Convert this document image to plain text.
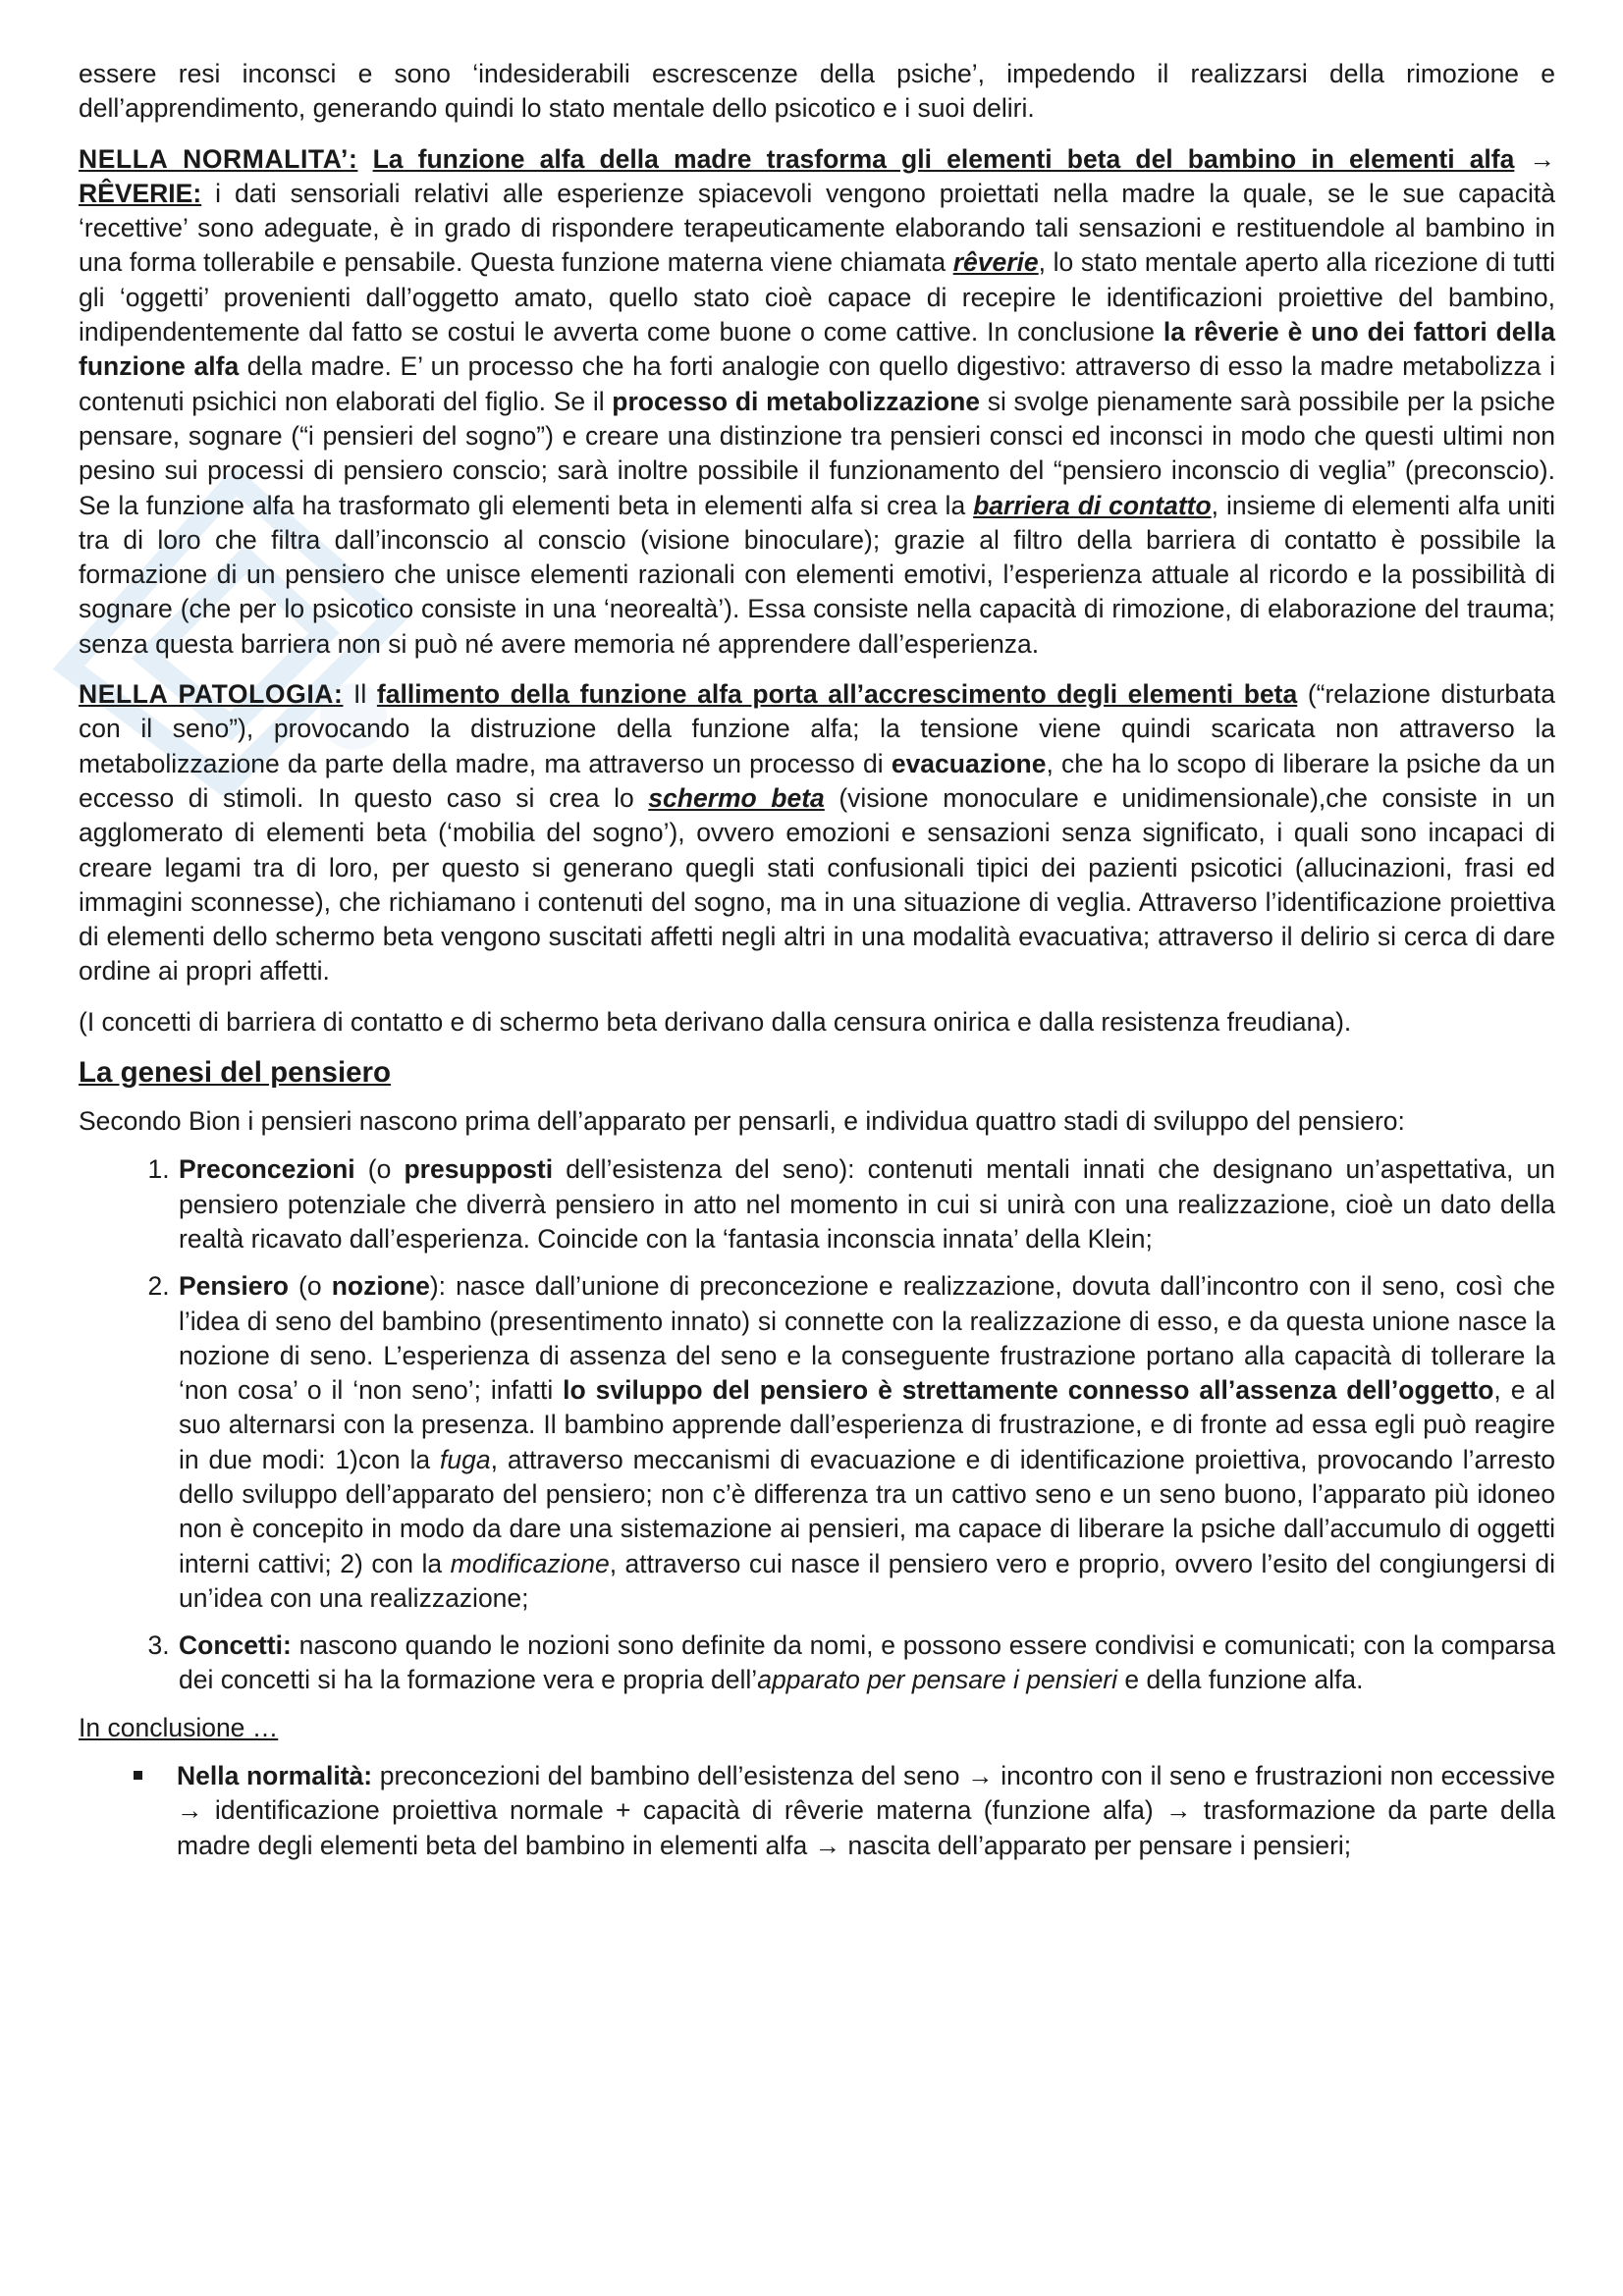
essere resi inconsci e sono ‘indesiderabili escrescenze della psiche’, impedendo il realizzarsi della rimozione e dell’apprendimento, generando quindi lo stato mentale dello psicotico e i suoi deliri.

NELLA NORMALITA’: La funzione alfa della madre trasforma gli elementi beta del bambino in elementi alfa → RÊVERIE: i dati sensoriali relativi alle esperienze spiacevoli vengono proiettati nella madre la quale, se le sue capacità ‘recettive’ sono adeguate, è in grado di rispondere terapeuticamente elaborando tali sensazioni e restituendole al bambino in una forma tollerabile e pensabile. Questa funzione materna viene chiamata rêverie, lo stato mentale aperto alla ricezione di tutti gli ‘oggetti’ provenienti dall’oggetto amato, quello stato cioè capace di recepire le identificazioni proiettive del bambino, indipendentemente dal fatto se costui le avverta come buone o come cattive. In conclusione la rêverie è uno dei fattori della funzione alfa della madre. E’ un processo che ha forti analogie con quello digestivo: attraverso di esso la madre metabolizza i contenuti psichici non elaborati del figlio. Se il processo di metabolizzazione si svolge pienamente sarà possibile per la psiche pensare, sognare (“i pensieri del sogno”) e creare una distinzione tra pensieri consci ed inconsci in modo che questi ultimi non pesino sui processi di pensiero conscio; sarà inoltre possibile il funzionamento del “pensiero inconscio di veglia” (preconscio). Se la funzione alfa ha trasformato gli elementi beta in elementi alfa si crea la barriera di contatto, insieme di elementi alfa uniti tra di loro che filtra dall’inconscio al conscio (visione binoculare); grazie al filtro della barriera di contatto è possibile la formazione di un pensiero che unisce elementi razionali con elementi emotivi, l’esperienza attuale al ricordo e la possibilità di sognare (che per lo psicotico consiste in una ‘neorealtà’). Essa consiste nella capacità di rimozione, di elaborazione del trauma; senza questa barriera non si può né avere memoria né apprendere dall’esperienza.

NELLA PATOLOGIA: Il fallimento della funzione alfa porta all’accrescimento degli elementi beta (“relazione disturbata con il seno”), provocando la distruzione della funzione alfa; la tensione viene quindi scaricata non attraverso la metabolizzazione da parte della madre, ma attraverso un processo di evacuazione, che ha lo scopo di liberare la psiche da un eccesso di stimoli. In questo caso si crea lo schermo beta (visione monoculare e unidimensionale),che consiste in un agglomerato di elementi beta (‘mobilia del sogno’), ovvero emozioni e sensazioni senza significato, i quali sono incapaci di creare legami tra di loro, per questo si generano quegli stati confusionali tipici dei pazienti psicotici (allucinazioni, frasi ed immagini sconnesse), che richiamano i contenuti del sogno, ma in una situazione di veglia. Attraverso l’identificazione proiettiva di elementi dello schermo beta vengono suscitati affetti negli altri in una modalità evacuativa; attraverso il delirio si cerca di dare ordine ai propri affetti.

(I concetti di barriera di contatto e di schermo beta derivano dalla censura onirica e dalla resistenza freudiana).

La genesi del pensiero

Secondo Bion i pensieri nascono prima dell’apparato per pensarli, e individua quattro stadi di sviluppo del pensiero:

1. Preconcezioni (o presupposti dell’esistenza del seno): contenuti mentali innati che designano un’aspettativa, un pensiero potenziale che diverrà pensiero in atto nel momento in cui si unirà con una realizzazione, cioè un dato della realtà ricavato dall’esperienza. Coincide con la ‘fantasia inconscia innata’ della Klein;
2. Pensiero (o nozione): nasce dall’unione di preconcezione e realizzazione, dovuta dall’incontro con il seno, così che l’idea di seno del bambino (presentimento innato) si connette con la realizzazione di esso, e da questa unione nasce la nozione di seno. L’esperienza di assenza del seno e la conseguente frustrazione portano alla capacità di tollerare la ‘non cosa’ o il ‘non seno’; infatti lo sviluppo del pensiero è strettamente connesso all’assenza dell’oggetto, e al suo alternarsi con la presenza. Il bambino apprende dall’esperienza di frustrazione, e di fronte ad essa egli può reagire in due modi: 1)con la fuga, attraverso meccanismi di evacuazione e di identificazione proiettiva, provocando l’arresto dello sviluppo dell’apparato del pensiero; non c’è differenza tra un cattivo seno e un seno buono, l’apparato più idoneo non è concepito in modo da dare una sistemazione ai pensieri, ma capace di liberare la psiche dall’accumulo di oggetti interni cattivi; 2) con la modificazione, attraverso cui nasce il pensiero vero e proprio, ovvero l’esito del congiungersi di un’idea con una realizzazione;
3. Concetti: nascono quando le nozioni sono definite da nomi, e possono essere condivisi e comunicati; con la comparsa dei concetti si ha la formazione vera e propria dell’apparato per pensare i pensieri e della funzione alfa.

In conclusione …

Nella normalità: preconcezioni del bambino dell’esistenza del seno → incontro con il seno e frustrazioni non eccessive → identificazione proiettiva normale + capacità di rêverie materna (funzione alfa) → trasformazione da parte della madre degli elementi beta del bambino in elementi alfa → nascita dell’apparato per pensare i pensieri;
